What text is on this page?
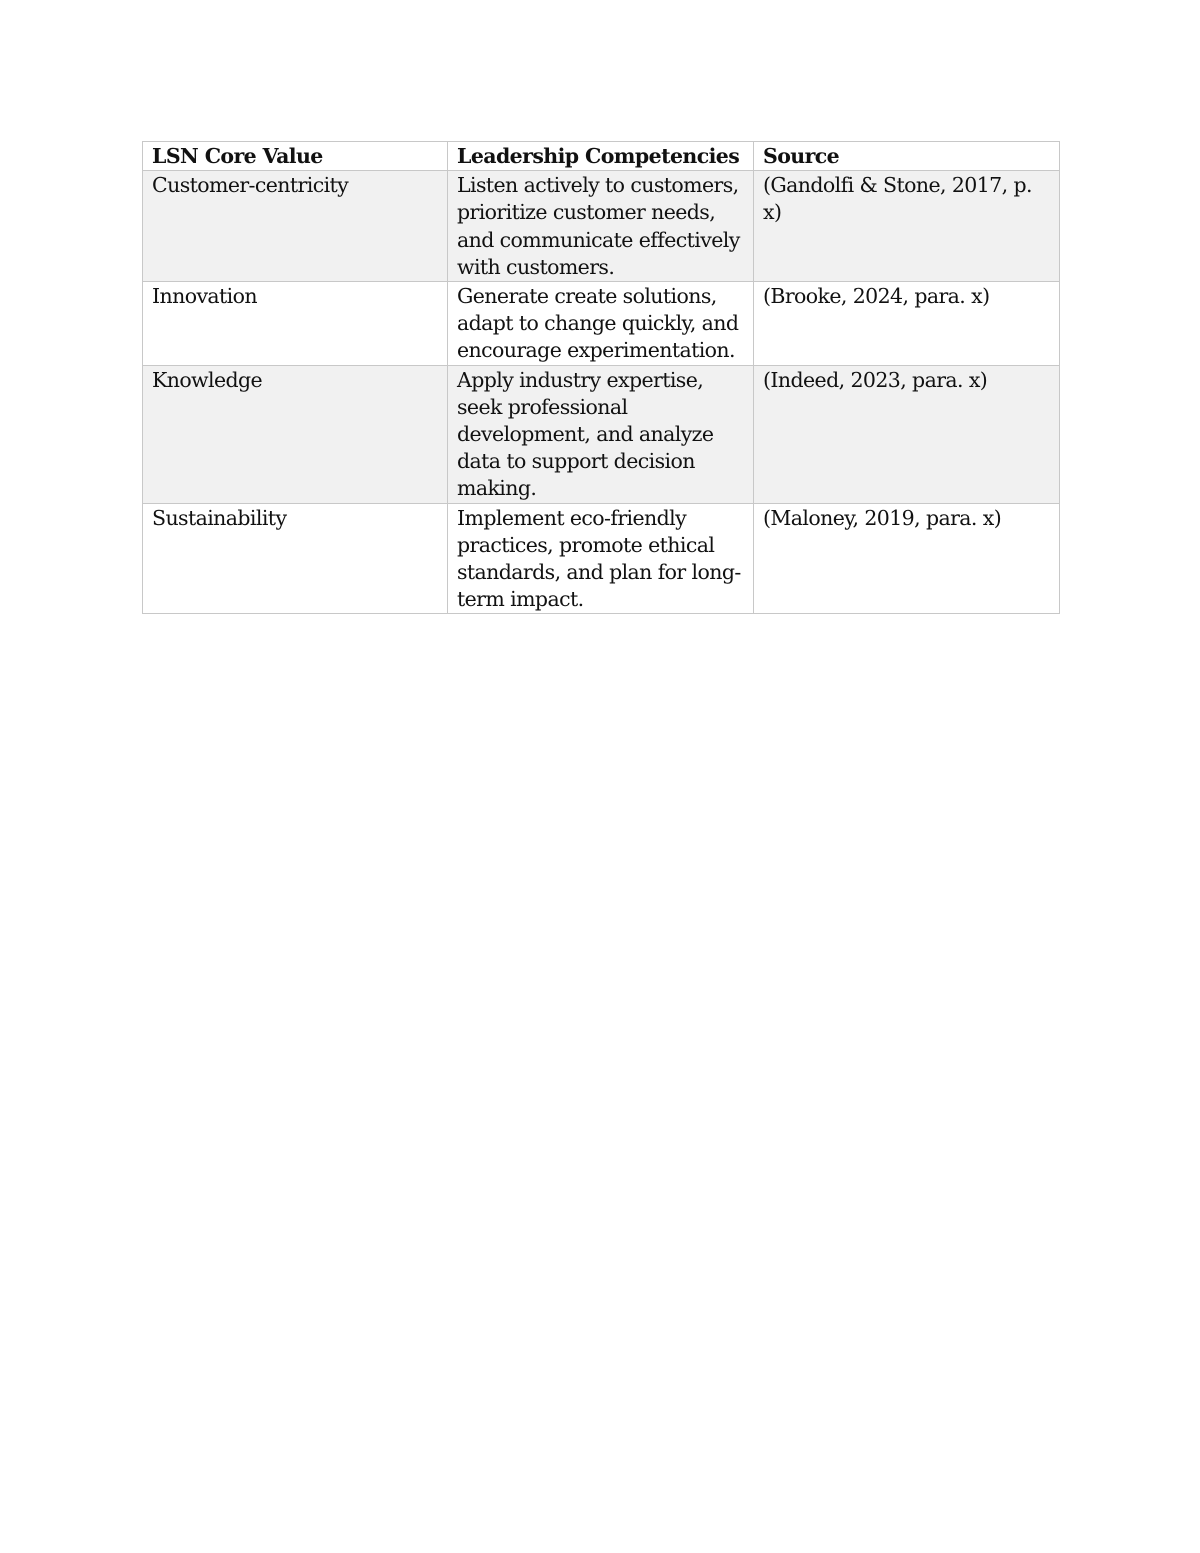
LSN Core Value	Leadership Competencies	Source
Customer-centricity	Listen actively to customers, prioritize customer needs, and communicate effectively with customers.	(Gandolfi & Stone, 2017, p. x)
Innovation	Generate create solutions, adapt to change quickly, and encourage experimentation.	(Brooke, 2024, para. x)
Knowledge	Apply industry expertise, seek professional development, and analyze data to support decision making.	(Indeed, 2023, para. x)
Sustainability	Implement eco-friendly practices, promote ethical standards, and plan for long-term impact.	(Maloney, 2019, para. x)
